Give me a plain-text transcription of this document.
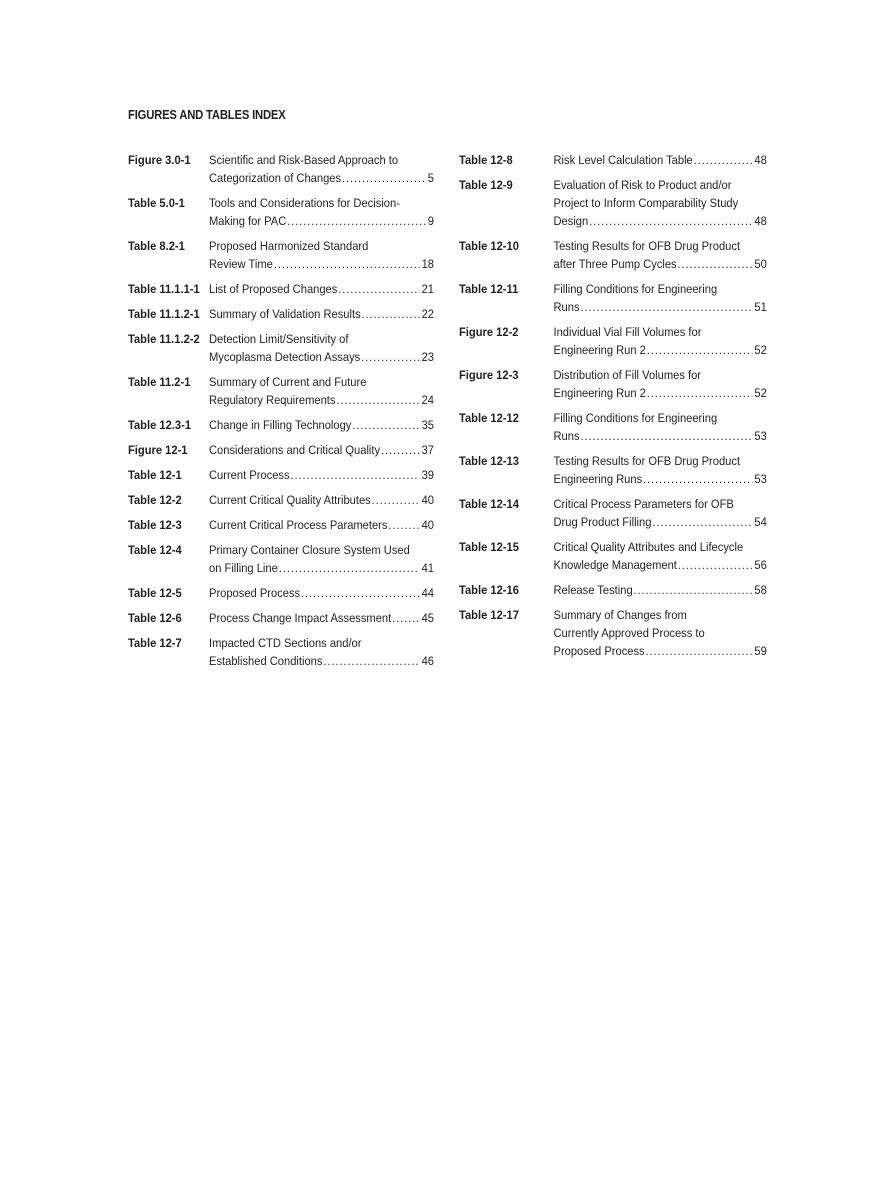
FIGURES AND TABLES INDEX
Figure 3.0-1 Scientific and Risk-Based Approach to
Categorization of Changes .....	5
Table 5.0-1 Tools and Considerations for Decision-
Making for PAC .....	9
Table 8.2-1 Proposed Harmonized Standard
Review Time .....	18
Table 11.1.1-1 List of Proposed Changes .....	21
Table 11.1.2-1 Summary of Validation Results .....	22
Table 11.1.2-2 Detection Limit/Sensitivity of
Mycoplasma Detection Assays .....	23
Table 11.2-1 Summary of Current and Future
Regulatory Requirements .....	24
Table 12.3-1 Change in Filling Technology .....	35
Figure 12-1 Considerations and Critical Quality .....	37
Table 12-1 Current Process .....	39
Table 12-2 Current Critical Quality Attributes .....	40
Table 12-3 Current Critical Process Parameters .....	40
Table 12-4 Primary Container Closure System Used
on Filling Line .....	41
Table 12-5 Proposed Process .....	44
Table 12-6 Process Change Impact Assessment ..... 45
Table 12-7 Impacted CTD Sections and/or
Established Conditions .....	46
Table 12-8	Risk Level Calculation Table .....	48
Table 12-9	Evaluation of Risk to Product and/or
Project to Inform Comparability Study
Design .....	48
Table 12-10	Testing Results for OFB Drug Product
after Three Pump Cycles .....	50
Table 12-11	Filling Conditions for Engineering
Runs .....	51
Figure 12-2	Individual Vial Fill Volumes for
Engineering Run 2 .....	52
Figure 12-3	Distribution of Fill Volumes for
Engineering Run 2 .....	52
Table 12-12	Filling Conditions for Engineering
Runs .....	53
Table 12-13	Testing Results for OFB Drug Product
Engineering Runs .....	53
Table 12-14	Critical Process Parameters for OFB
Drug Product Filling .....	54
Table 12-15	Critical Quality Attributes and Lifecycle
Knowledge Management .....	56
Table 12-16	Release Testing .....	58
Table 12-17	Summary of Changes from
Currently Approved Process to
Proposed Process .....	59
